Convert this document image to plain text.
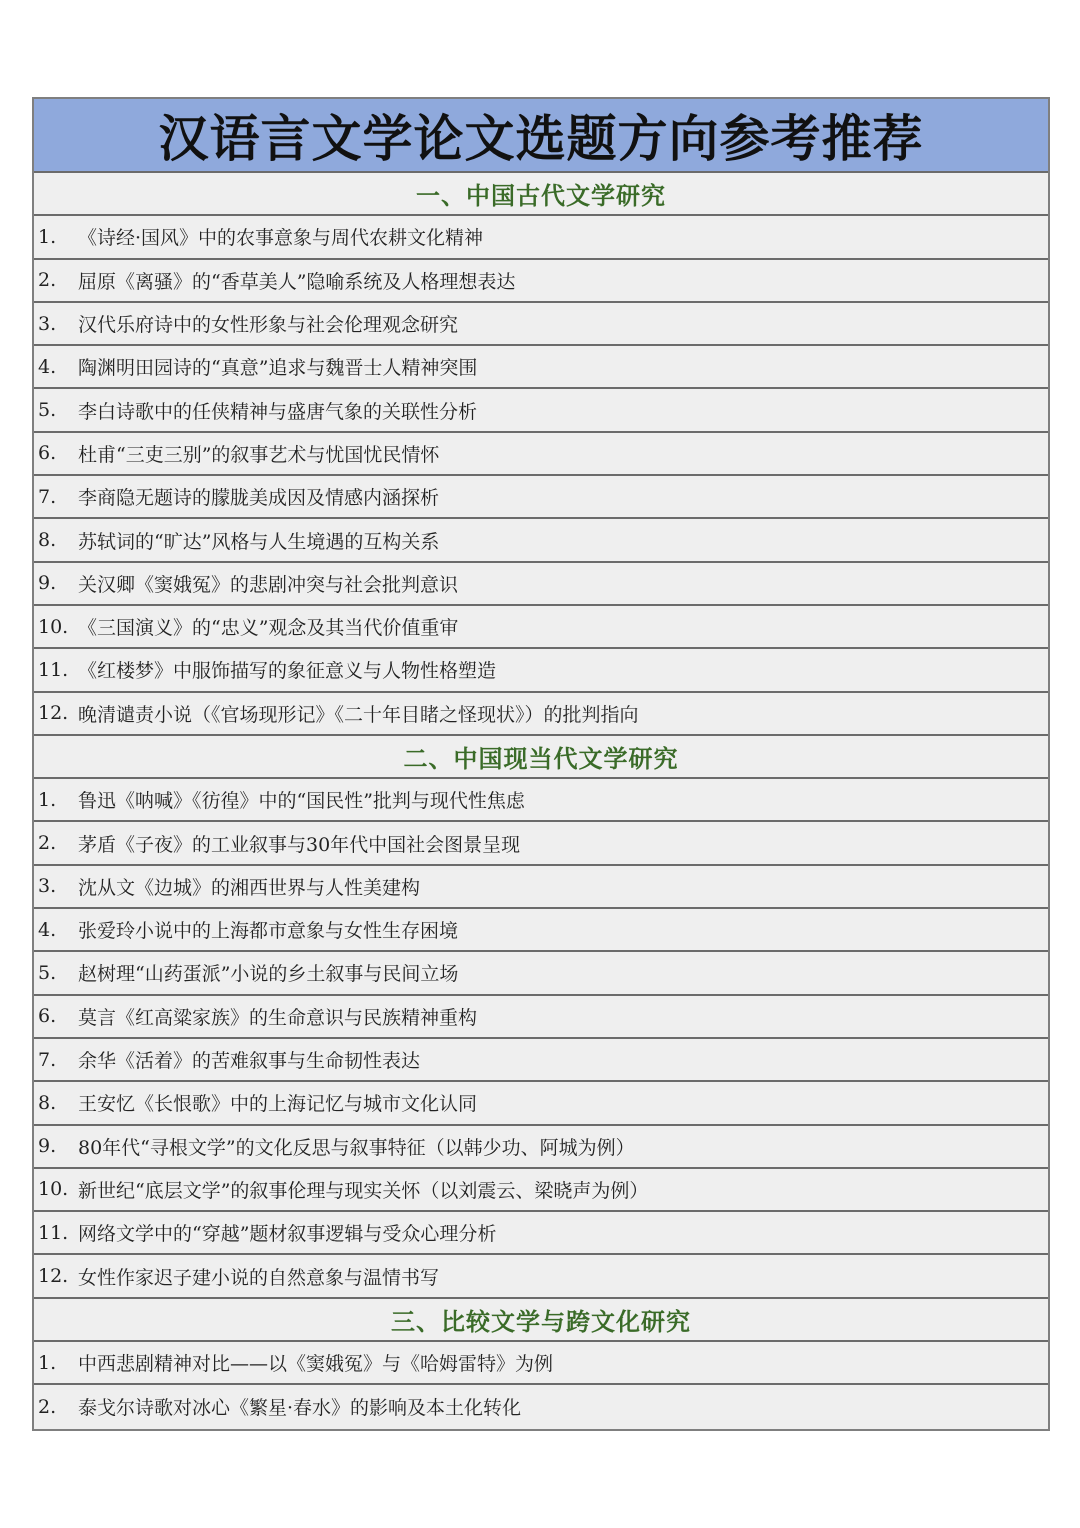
汉语言文学论文选题方向参考推荐
一、中国古代文学研究
1.	《诗经·国风》中的农事意象与周代农耕文化精神
2.	屈原《离骚》的“香草美人”隐喻系统及人格理想表达
3.	汉代乐府诗中的女性形象与社会伦理观念研究
4.	陶渊明田园诗的“真意”追求与魏晋士人精神突围
5.	李白诗歌中的任侠精神与盛唐气象的关联性分析
6.	杜甫“三吏三别”的叙事艺术与忧国忧民情怀
7.	李商隐无题诗的朦胧美成因及情感内涵探析
8.	苏轼词的“旷达”风格与人生境遇的互构关系
9.	关汉卿《窦娥冤》的悲剧冲突与社会批判意识
10. 《三国演义》的“忠义”观念及其当代价值重审
11. 《红楼梦》中服饰描写的象征意义与人物性格塑造
12. 晚清谴责小说（《官场现形记》《二十年目睹之怪现状》）的批判指向
二、中国现当代文学研究
1.	鲁迅《呐喊》《彷徨》中的“国民性”批判与现代性焦虑
2.	茅盾《子夜》的工业叙事与30年代中国社会图景呈现
3.	沈从文《边城》的湘西世界与人性美建构
4.	张爱玲小说中的上海都市意象与女性生存困境
5.	赵树理“山药蛋派”小说的乡土叙事与民间立场
6.	莫言《红高粱家族》的生命意识与民族精神重构
7.	余华《活着》的苦难叙事与生命韧性表达
8.	王安忆《长恨歌》中的上海记忆与城市文化认同
9.	80年代“寻根文学”的文化反思与叙事特征（以韩少功、阿城为例）
10. 新世纪“底层文学”的叙事伦理与现实关怀（以刘震云、梁晓声为例）
11. 网络文学中的“穿越”题材叙事逻辑与受众心理分析
12. 女性作家迟子建小说的自然意象与温情书写
三、比较文学与跨文化研究
1.	中西悲剧精神对比——以《窦娥冤》与《哈姆雷特》为例
2.	泰戈尔诗歌对冰心《繁星·春水》的影响及本土化转化
